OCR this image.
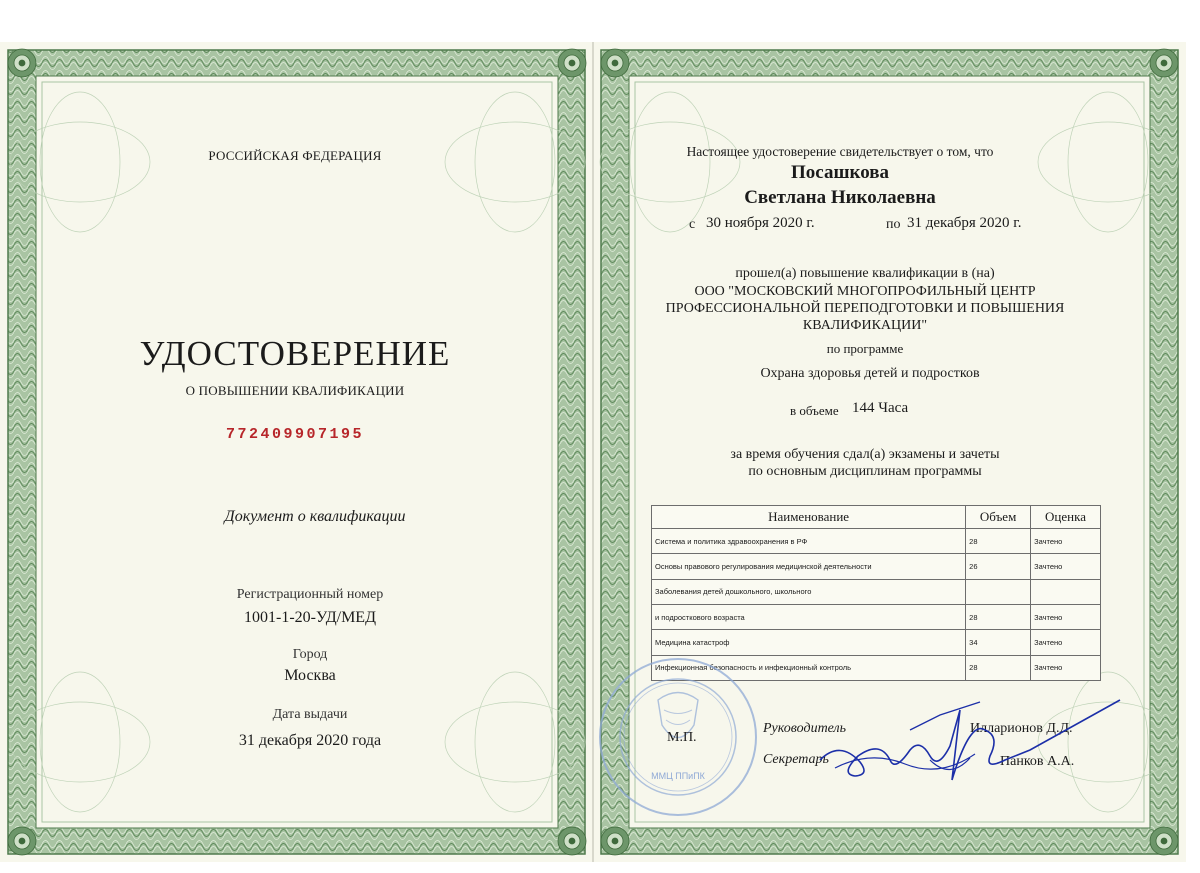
РОССИЙСКАЯ ФЕДЕРАЦИЯ
УДОСТОВЕРЕНИЕ
О ПОВЫШЕНИИ КВАЛИФИКАЦИИ
772409907195
Документ о квалификации
Регистрационный номер
1001-1-20-УД/МЕД
Город
Москва
Дата выдачи
31 декабря 2020 года
Настоящее удостоверение свидетельствует о том, что
Посашкова
Светлана Николаевна
с 30 ноября 2020 г.	по 31 декабря 2020 г.
прошел(а) повышение квалификации в (на)
ООО "МОСКОВСКИЙ МНОГОПРОФИЛЬНЫЙ ЦЕНТР
ПРОФЕССИОНАЛЬНОЙ ПЕРЕПОДГОТОВКИ И ПОВЫШЕНИЯ
КВАЛИФИКАЦИИ"
по программе
Охрана здоровья детей и подростков
в объеме 144 Часа
за время обучения сдал(а) экзамены и зачеты
по основным дисциплинам программы
Наименование	Объем	Оценка
Система и политика здравоохранения в РФ	28	Зачтено
Основы правового регулирования медицинской деятельности	26	Зачтено
Заболевания детей дошкольного, школьного		
и подросткового возраста	28	Зачтено
Медицина катастроф	34	Зачтено
Инфекционная безопасность и инфекционный контроль	28	Зачтено
ММЦ ППиПК
М.П.
Руководитель	Илларионов Д.Д.
Секретарь	Панков А.А.
